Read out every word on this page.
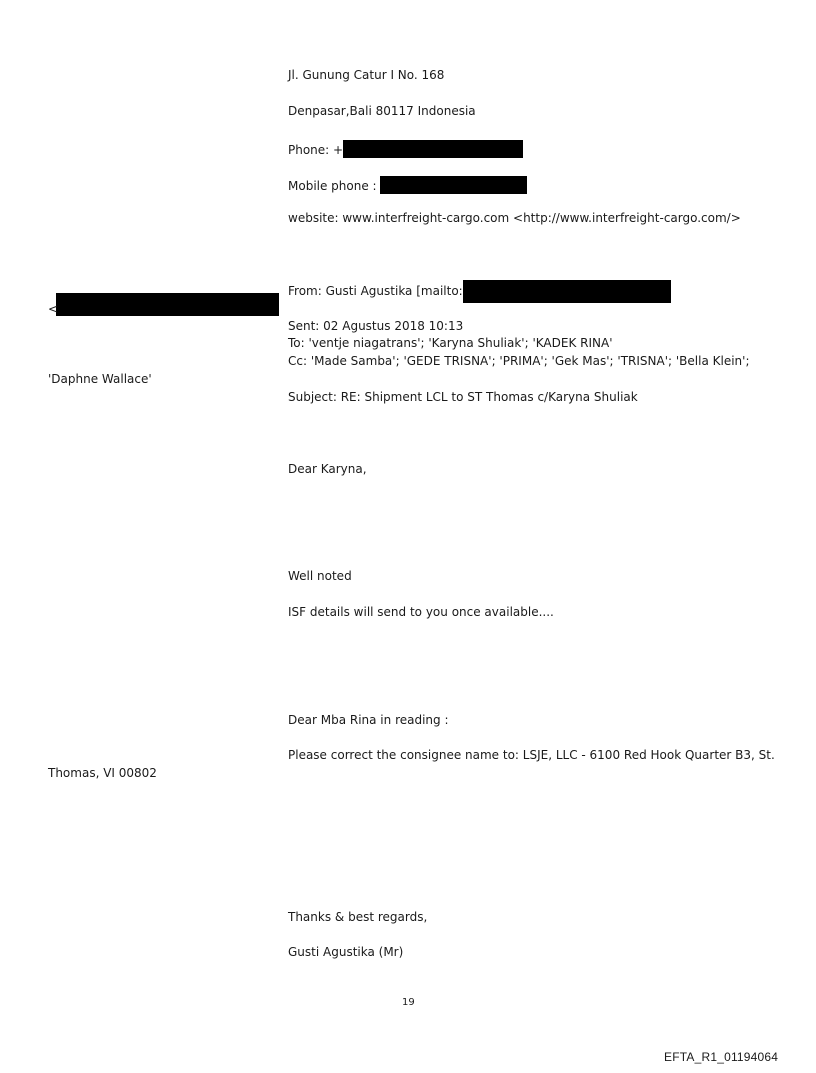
Jl. Gunung Catur I No. 168
Denpasar,Bali 80117 Indonesia
Phone: +
Mobile phone :
website: www.interfreight-cargo.com <http://www.interfreight-cargo.com/>
<
From: Gusti Agustika [mailto:
Sent: 02 Agustus 2018 10:13
To: 'ventje niagatrans'; 'Karyna Shuliak'; 'KADEK RINA'
Cc: 'Made Samba'; 'GEDE TRISNA'; 'PRIMA'; 'Gek Mas'; 'TRISNA'; 'Bella Klein';
'Daphne Wallace'
Subject: RE: Shipment LCL to ST Thomas c/Karyna Shuliak
Dear Karyna,
Well noted
ISF details will send to you once available....
Dear Mba Rina in reading :
Please correct the consignee name to: LSJE, LLC - 6100 Red Hook Quarter B3, St.
Thomas, VI 00802
Thanks & best regards,
Gusti Agustika (Mr)
19
EFTA_R1_01194064
